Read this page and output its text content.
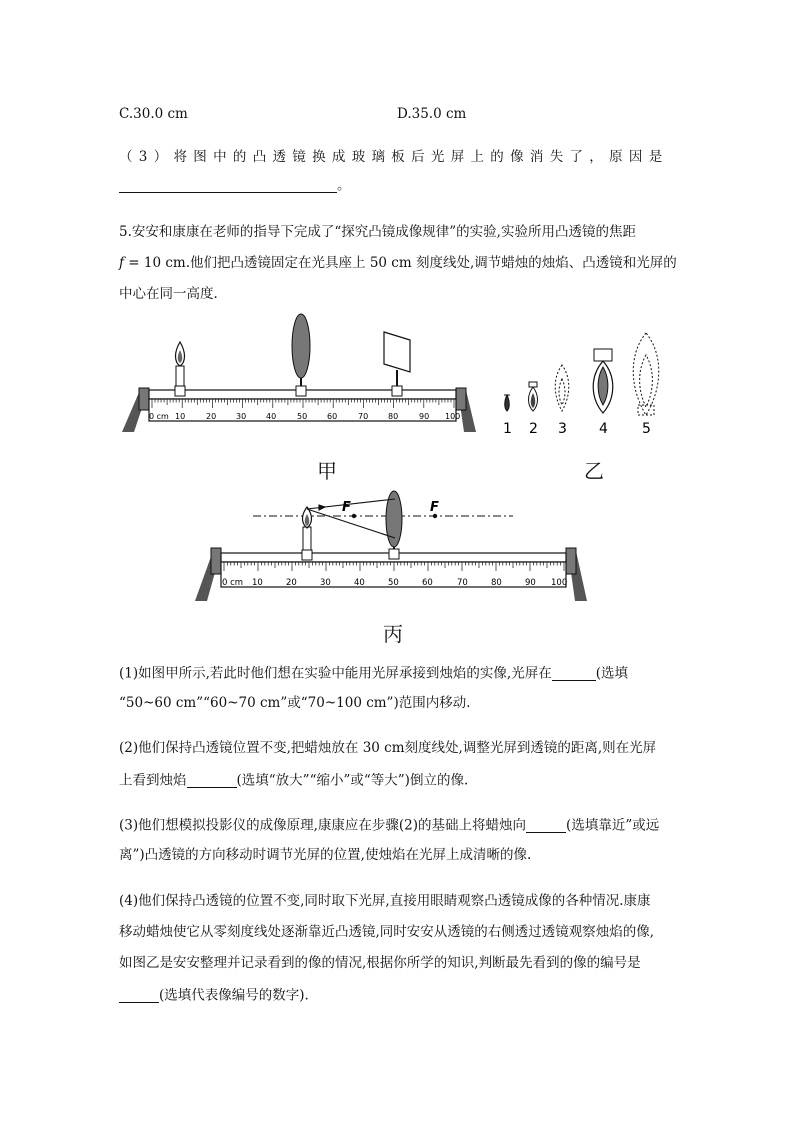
C.30.0 cm	D.35.0 cm
（3）将图中的凸透镜换成玻璃板后光屏上的像消失了，原因是
。
5.安安和康康在老师的指导下完成了“探究凸镜成像规律”的实验,实验所用凸透镜的焦距
f = 10 cm.他们把凸透镜固定在光具座上 50 cm 刻度线处,调节蜡烛的烛焰、凸透镜和光屏的
中心在同一高度.
0 cm 10	20 30 40	50 60	70 80	90 100
1 2 3 4 5
甲	乙
0 cm 10	20	30	40	50	60	70	80	90 100
F	F
丙
(1)如图甲所示,若此时他们想在实验中能用光屏承接到烛焰的实像,光屏在	(选填
“50~60 cm”“60~70 cm”或“70~100 cm”)范围内移动.
(2)他们保持凸透镜位置不变,把蜡烛放在 30 cm刻度线处,调整光屏到透镜的距离,则在光屏
上看到烛焰	(选填“放大”“缩小”或“等大”)倒立的像.
(3)他们想模拟投影仪的成像原理,康康应在步骤(2)的基础上将蜡烛向	(选填靠近”或远
离”)凸透镜的方向移动时调节光屏的位置,使烛焰在光屏上成清晰的像.
(4)他们保持凸透镜的位置不变,同时取下光屏,直接用眼睛观察凸透镜成像的各种情况.康康
移动蜡烛使它从零刻度线处逐渐靠近凸透镜,同时安安从透镜的右侧透过透镜观察烛焰的像,
如图乙是安安整理并记录看到的像的情况,根据你所学的知识,判断最先看到的像的编号是
(选填代表像编号的数字).
